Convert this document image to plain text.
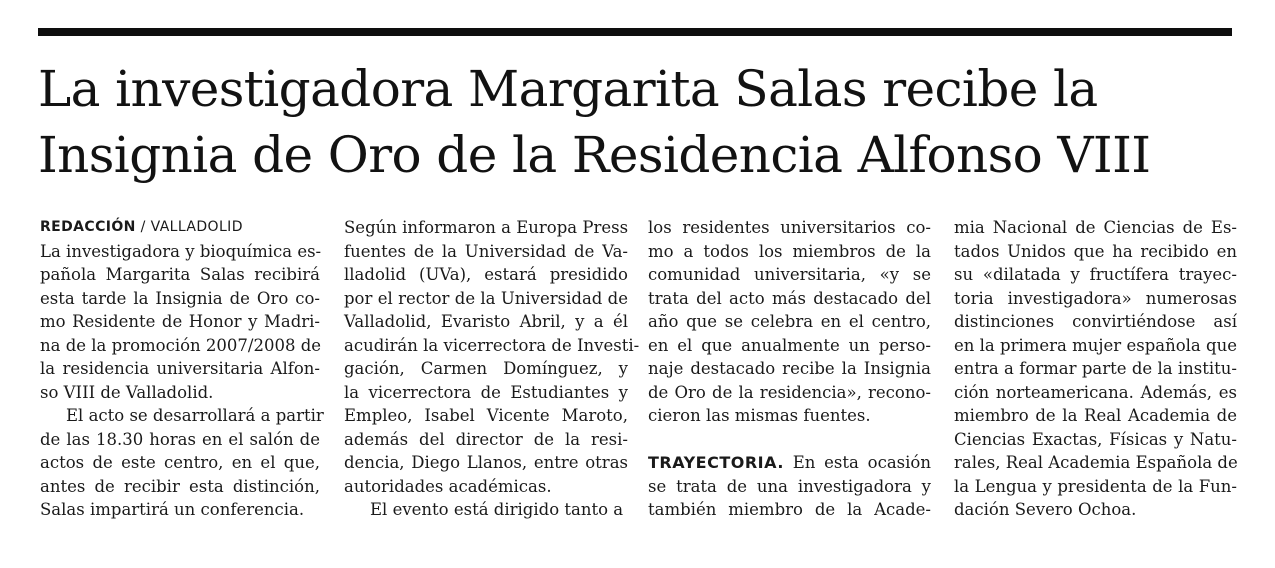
La investigadora Margarita Salas recibe la
Insignia de Oro de la Residencia Alfonso VIII
REDACCIÓN / VALLADOLID
La investigadora y bioquímica es-
pañola Margarita Salas recibirá
esta tarde la Insignia de Oro co-
mo Residente de Honor y Madri-
na de la promoción 2007/2008 de
la residencia universitaria Alfon-
so VIII de Valladolid.
El acto se desarrollará a partir
de las 18.30 horas en el salón de
actos de este centro, en el que,
antes de recibir esta distinción,
Salas impartirá un conferencia.
Según informaron a Europa Press
fuentes de la Universidad de Va-
lladolid (UVa), estará presidido
por el rector de la Universidad de
Valladolid, Evaristo Abril, y a él
acudirán la vicerrectora de Investi-
gación, Carmen Domínguez, y
la vicerrectora de Estudiantes y
Empleo, Isabel Vicente Maroto,
además del director de la resi-
dencia, Diego Llanos, entre otras
autoridades académicas.
El evento está dirigido tanto a
los residentes universitarios co-
mo a todos los miembros de la
comunidad universitaria, «y se
trata del acto más destacado del
año que se celebra en el centro,
en el que anualmente un perso-
naje destacado recibe la Insignia
de Oro de la residencia», recono-
cieron las mismas fuentes.

TRAYECTORIA. En esta ocasión
se trata de una investigadora y
también miembro de la Acade-
mia Nacional de Ciencias de Es-
tados Unidos que ha recibido en
su «dilatada y fructífera trayec-
toria investigadora» numerosas
distinciones convirtiéndose así
en la primera mujer española que
entra a formar parte de la institu-
ción norteamericana. Además, es
miembro de la Real Academia de
Ciencias Exactas, Físicas y Natu-
rales, Real Academia Española de
la Lengua y presidenta de la Fun-
dación Severo Ochoa.
